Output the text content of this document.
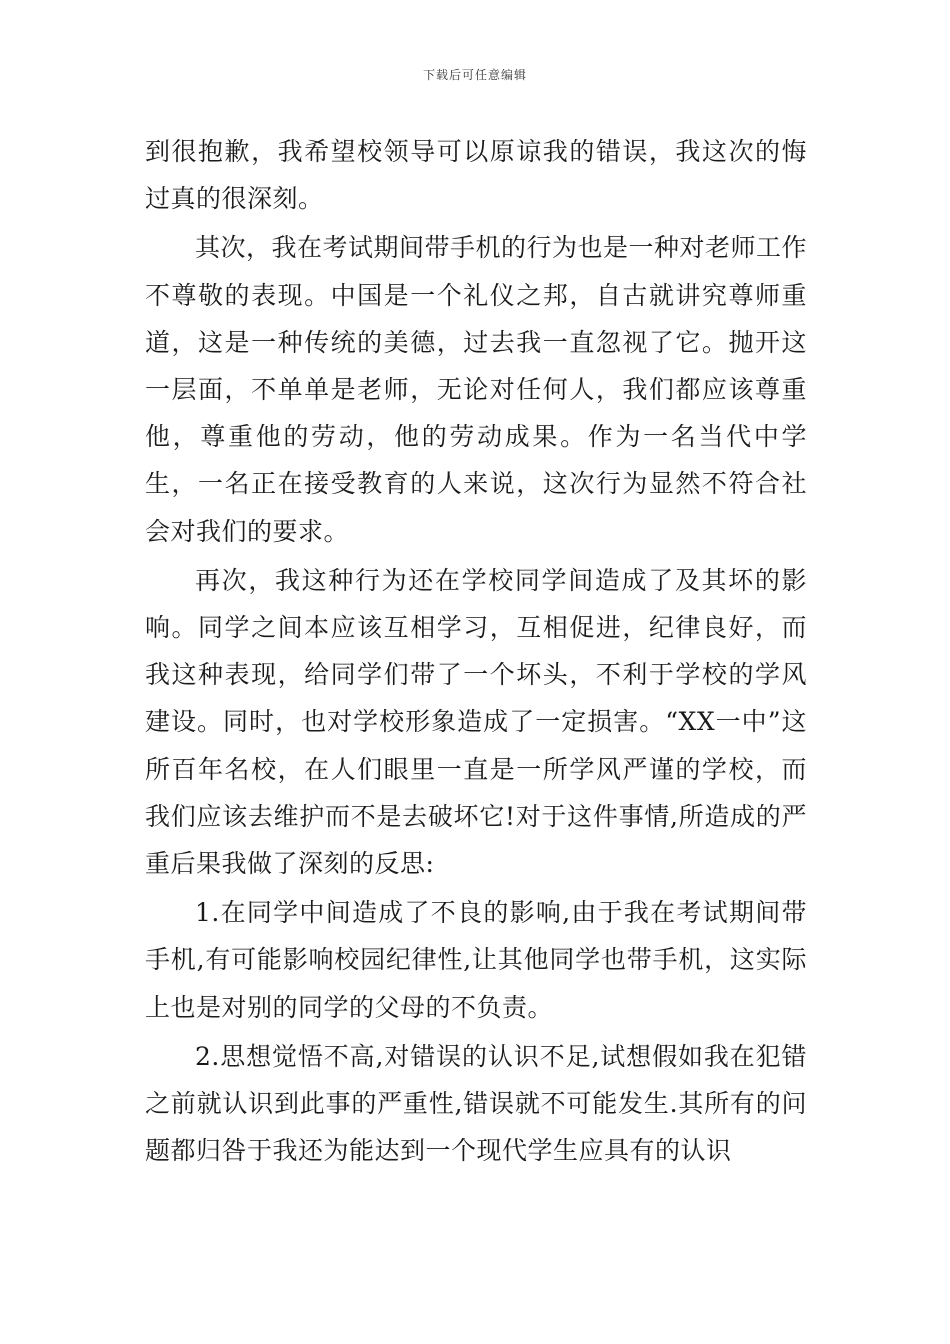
下载后可任意编辑

到很抱歉，我希望校领导可以原谅我的错误，我这次的悔过真的很深刻。

其次，我在考试期间带手机的行为也是一种对老师工作不尊敬的表现。中国是一个礼仪之邦，自古就讲究尊师重道，这是一种传统的美德，过去我一直忽视了它。抛开这一层面，不单单是老师，无论对任何人，我们都应该尊重他，尊重他的劳动，他的劳动成果。作为一名当代中学生，一名正在接受教育的人来说，这次行为显然不符合社会对我们的要求。

再次，我这种行为还在学校同学间造成了及其坏的影响。同学之间本应该互相学习，互相促进，纪律良好，而我这种表现，给同学们带了一个坏头，不利于学校的学风建设。同时，也对学校形象造成了一定损害。“XX一中”这所百年名校，在人们眼里一直是一所学风严谨的学校，而我们应该去维护而不是去破坏它!对于这件事情,所造成的严重后果我做了深刻的反思:

1.在同学中间造成了不良的影响,由于我在考试期间带手机,有可能影响校园纪律性,让其他同学也带手机，这实际上也是对别的同学的父母的不负责。

2.思想觉悟不高,对错误的认识不足,试想假如我在犯错之前就认识到此事的严重性,错误就不可能发生.其所有的问题都归咎于我还为能达到一个现代学生应具有的认识
